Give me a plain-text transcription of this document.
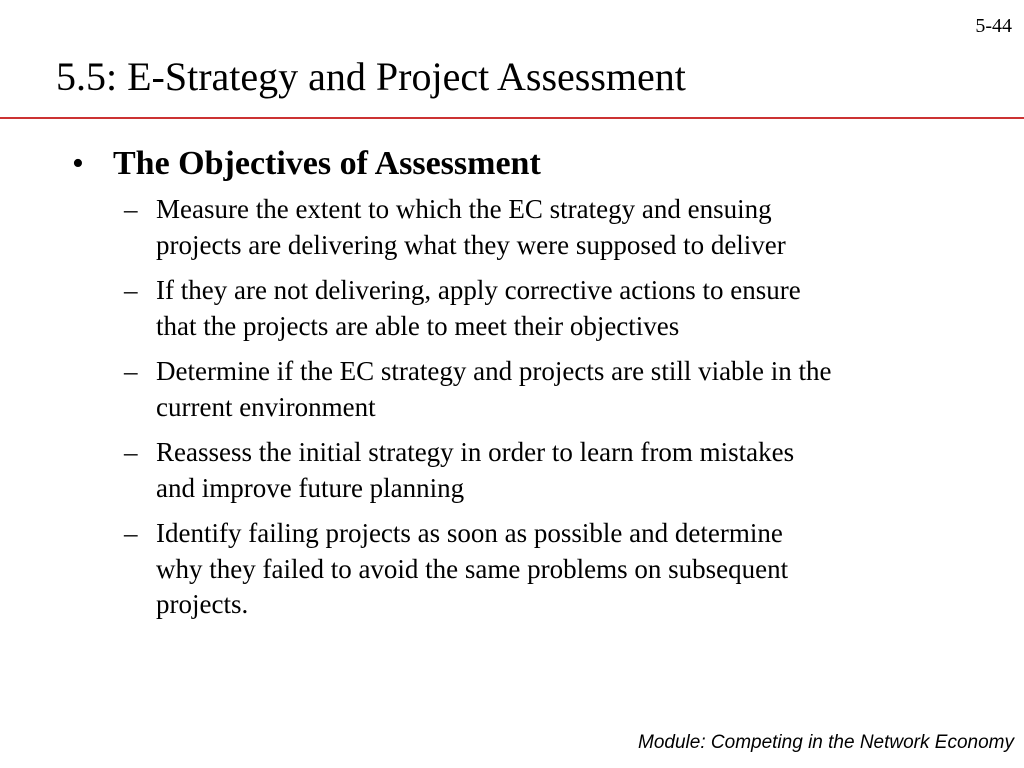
5-44
5.5: E-Strategy and Project Assessment
• The Objectives of Assessment
– Measure the extent to which the EC strategy and ensuing
projects are delivering what they were supposed to deliver
– If they are not delivering, apply corrective actions to ensure
that the projects are able to meet their objectives
– Determine if the EC strategy and projects are still viable in the
current environment
– Reassess the initial strategy in order to learn from mistakes
and improve future planning
– Identify failing projects as soon as possible and determine
why they failed to avoid the same problems on subsequent
projects.
Module: Competing in the Network Economy
